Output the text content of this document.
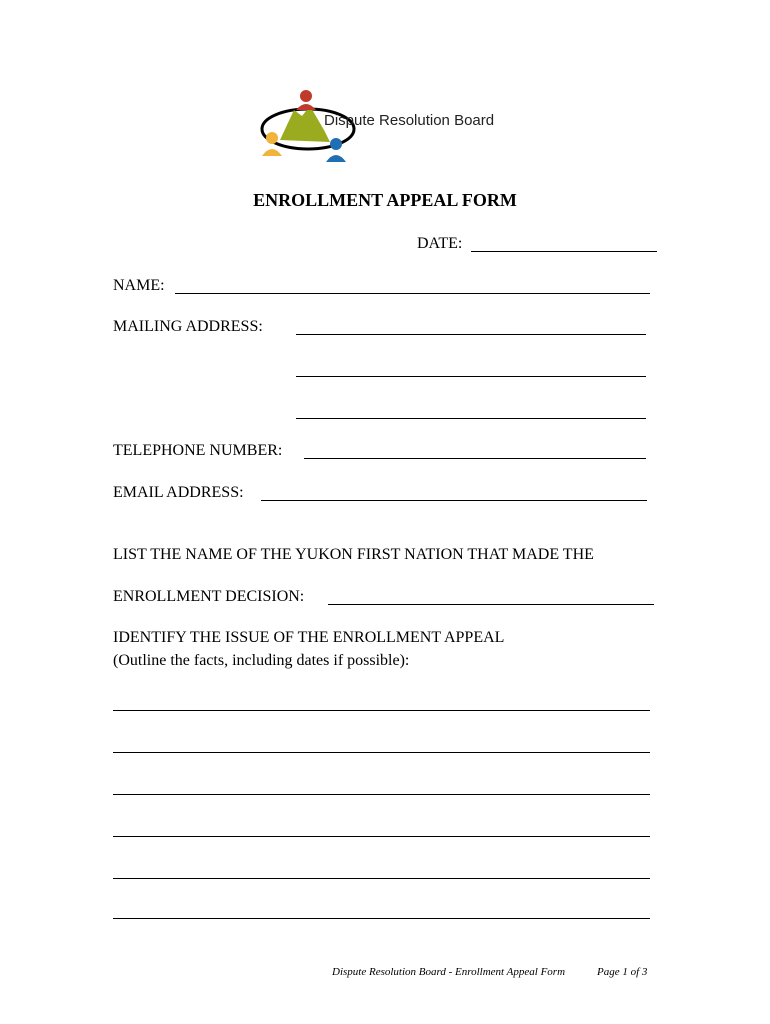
Dispute Resolution Board
ENROLLMENT APPEAL FORM
DATE:
NAME:
MAILING ADDRESS:
TELEPHONE NUMBER:
EMAIL ADDRESS:
LIST THE NAME OF THE YUKON FIRST NATION THAT MADE THE
ENROLLMENT DECISION:
IDENTIFY THE ISSUE OF THE ENROLLMENT APPEAL
(Outline the facts, including dates if possible):
Dispute Resolution Board - Enrollment Appeal Form	Page 1 of 3
